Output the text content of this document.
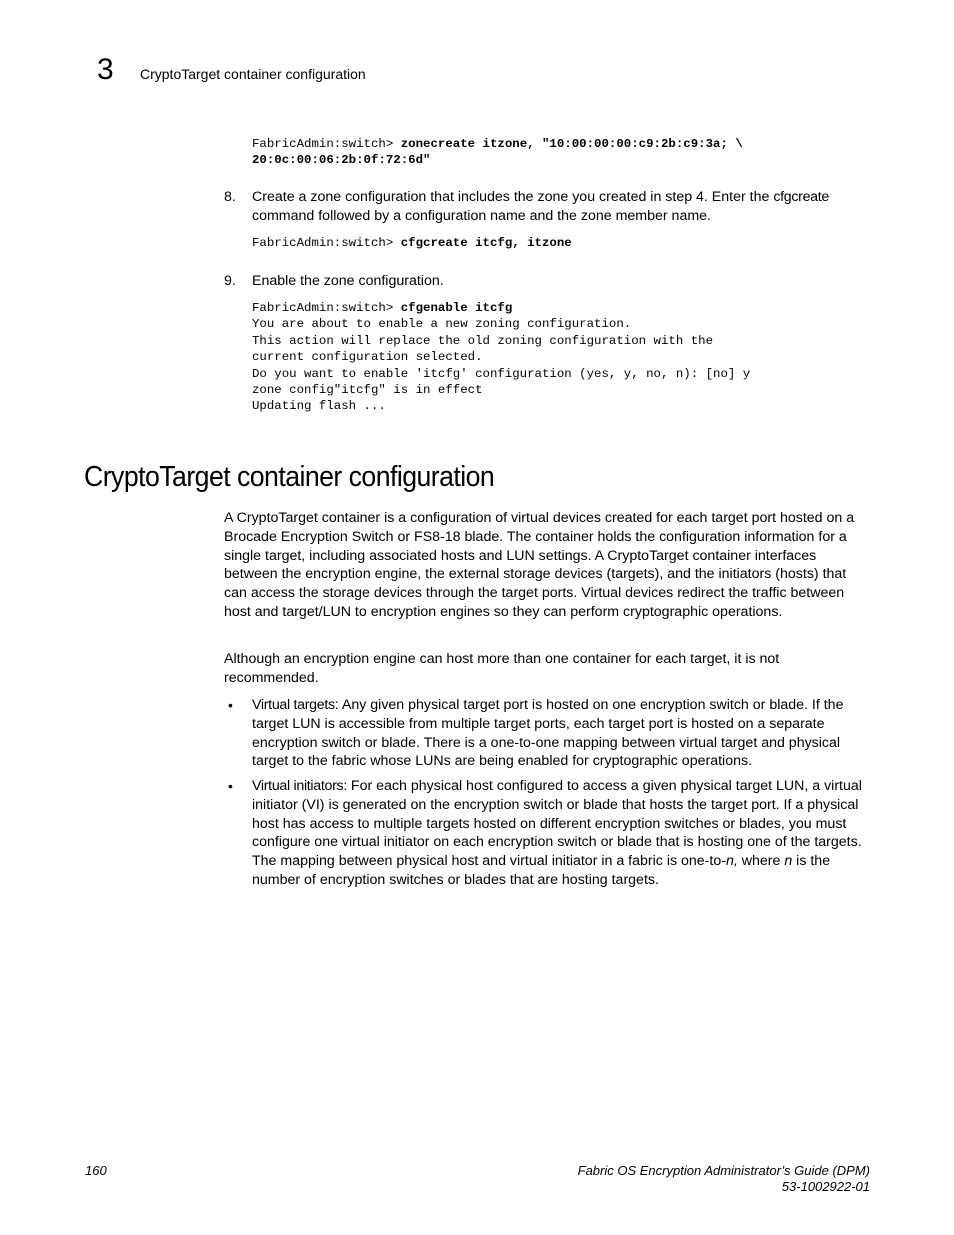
3 CryptoTarget container configuration
FabricAdmin:switch> zonecreate itzone, "10:00:00:00:c9:2b:c9:3a; \
20:0c:00:06:2b:0f:72:6d"
8. Create a zone configuration that includes the zone you created in step 4. Enter the cfgcreate command followed by a configuration name and the zone member name.
FabricAdmin:switch> cfgcreate itcfg, itzone
9. Enable the zone configuration.
FabricAdmin:switch> cfgenable itcfg
You are about to enable a new zoning configuration.
This action will replace the old zoning configuration with the
current configuration selected.
Do you want to enable 'itcfg' configuration (yes, y, no, n): [no] y
zone config"itcfg" is in effect
Updating flash ...
CryptoTarget container configuration
A CryptoTarget container is a configuration of virtual devices created for each target port hosted on a Brocade Encryption Switch or FS8-18 blade. The container holds the configuration information for a single target, including associated hosts and LUN settings. A CryptoTarget container interfaces between the encryption engine, the external storage devices (targets), and the initiators (hosts) that can access the storage devices through the target ports. Virtual devices redirect the traffic between host and target/LUN to encryption engines so they can perform cryptographic operations.
Although an encryption engine can host more than one container for each target, it is not recommended.
• Virtual targets: Any given physical target port is hosted on one encryption switch or blade. If the target LUN is accessible from multiple target ports, each target port is hosted on a separate encryption switch or blade. There is a one-to-one mapping between virtual target and physical target to the fabric whose LUNs are being enabled for cryptographic operations.
• Virtual initiators: For each physical host configured to access a given physical target LUN, a virtual initiator (VI) is generated on the encryption switch or blade that hosts the target port. If a physical host has access to multiple targets hosted on different encryption switches or blades, you must configure one virtual initiator on each encryption switch or blade that is hosting one of the targets. The mapping between physical host and virtual initiator in a fabric is one-to-n, where n is the number of encryption switches or blades that are hosting targets.
160	Fabric OS Encryption Administrator’s Guide (DPM)
53-1002922-01
